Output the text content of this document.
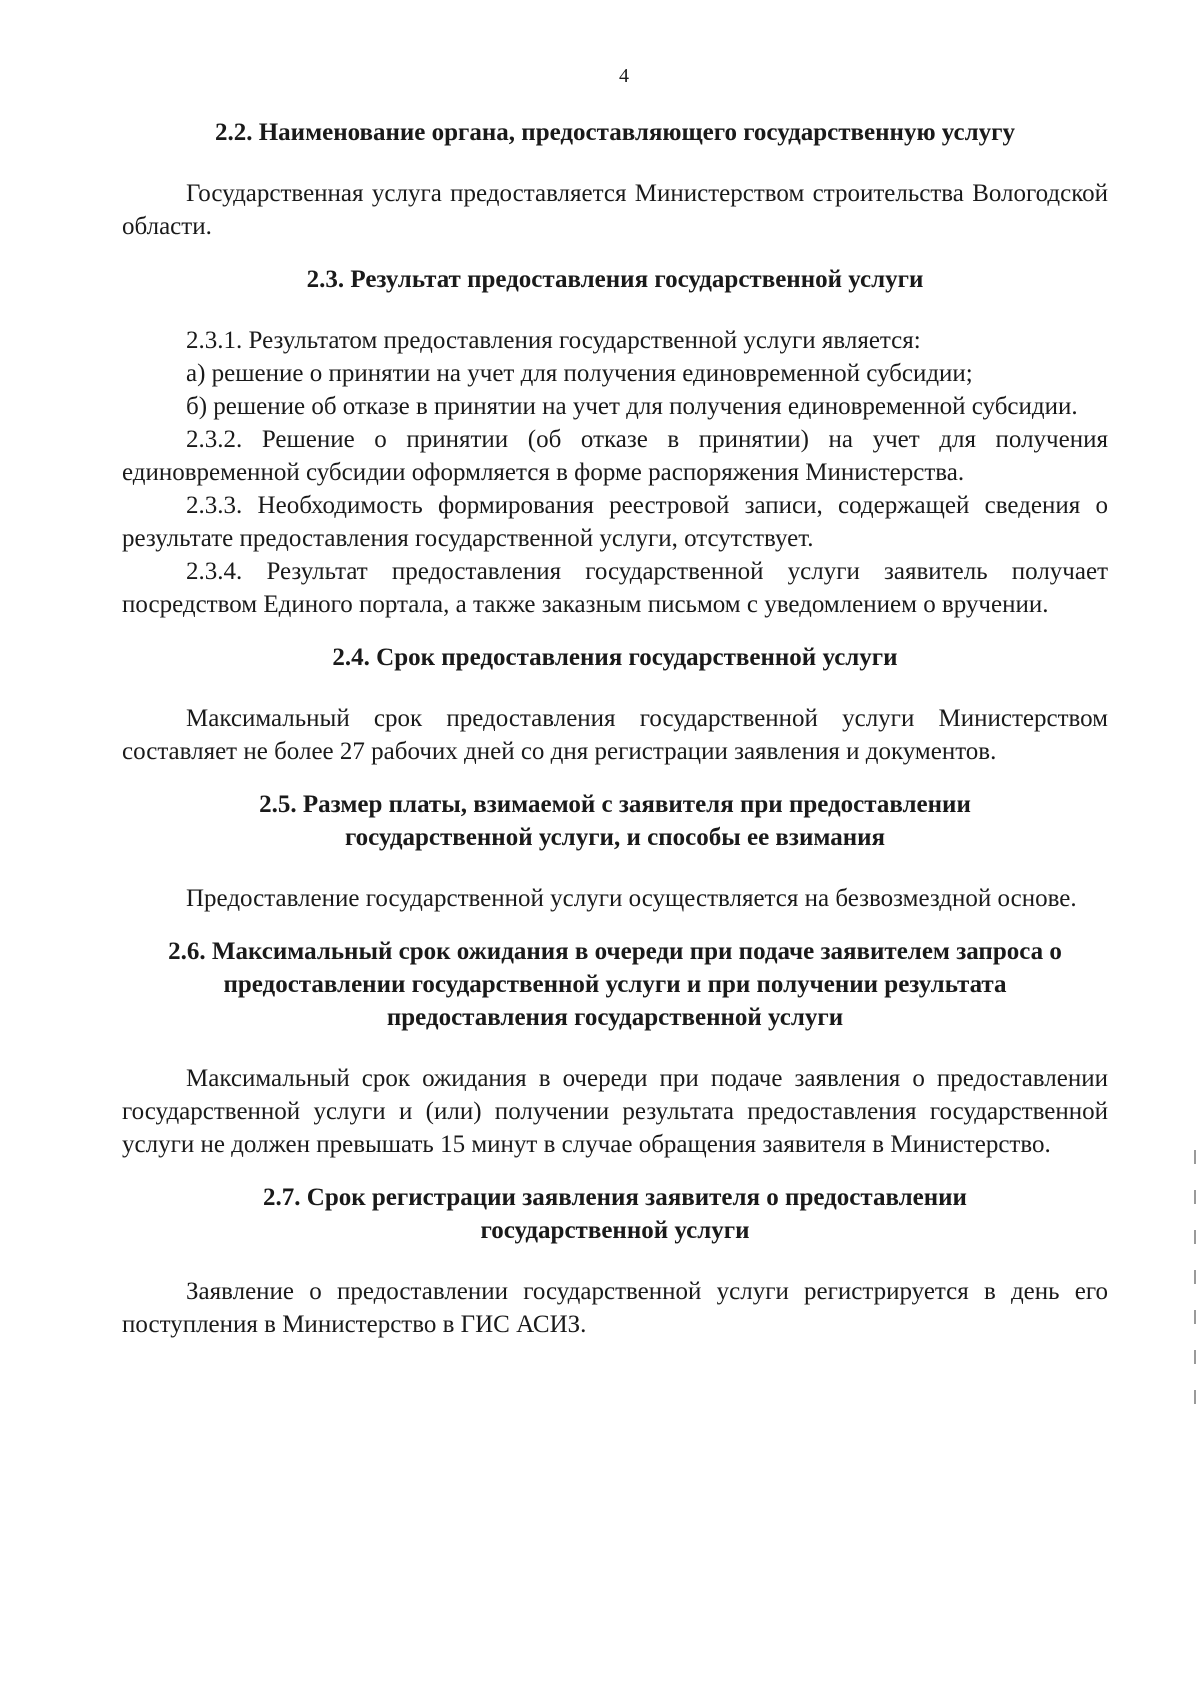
4
2.2. Наименование органа, предоставляющего государственную услугу

Государственная услуга предоставляется Министерством строительства Вологодской области.

2.3. Результат предоставления государственной услуги

2.3.1. Результатом предоставления государственной услуги является:

а) решение о принятии на учет для получения единовременной субсидии;

б) решение об отказе в принятии на учет для получения единовременной субсидии.

2.3.2. Решение о принятии (об отказе в принятии) на учет для получения единовременной субсидии оформляется в форме распоряжения Министерства.

2.3.3. Необходимость формирования реестровой записи, содержащей сведения о результате предоставления государственной услуги, отсутствует.

2.3.4. Результат предоставления государственной услуги заявитель получает посредством Единого портала, а также заказным письмом с уведомлением о вручении.

2.4. Срок предоставления государственной услуги

Максимальный срок предоставления государственной услуги Министерством составляет не более 27 рабочих дней со дня регистрации заявления и документов.

2.5. Размер платы, взимаемой с заявителя при предоставлении государственной услуги, и способы ее взимания

Предоставление государственной услуги осуществляется на безвозмездной основе.

2.6. Максимальный срок ожидания в очереди при подаче заявителем запроса о предоставлении государственной услуги и при получении результата предоставления государственной услуги

Максимальный срок ожидания в очереди при подаче заявления о предоставлении государственной услуги и (или) получении результата предоставления государственной услуги не должен превышать 15 минут в случае обращения заявителя в Министерство.

2.7. Срок регистрации заявления заявителя о предоставлении государственной услуги

Заявление о предоставлении государственной услуги регистрируется в день его поступления в Министерство в ГИС АСИЗ.
